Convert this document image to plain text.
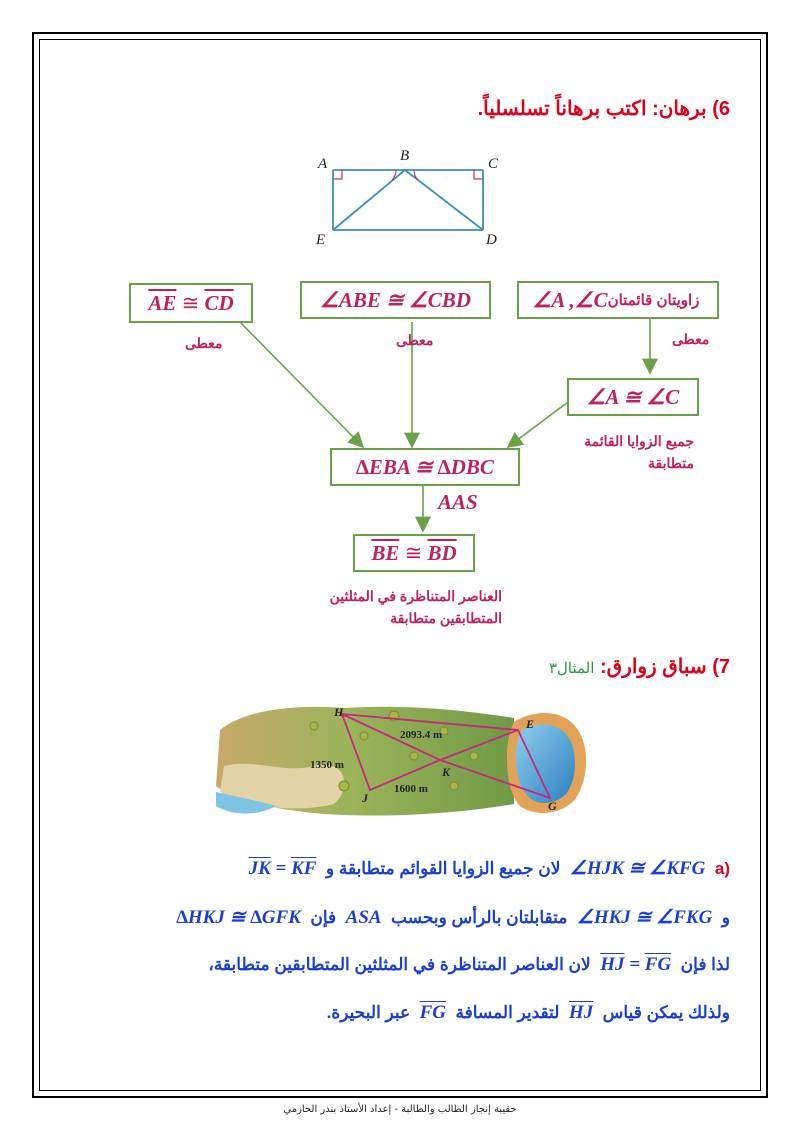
6) برهان: اكتب برهاناً تسلسلياً.
A	B	C
E	D
$\overline{AE}$
≅
$\overline{CD}$
معطى
∠ABE ≅ ∠CBD
معطى
زاويتان قائمتان
∠A ,∠C
معطى
∠A ≅ ∠C
جميع الزوايا القائمة
متطابقة
∆EBA ≅ ∆DBC
AAS
$\overline{BE}$
≅
$\overline{BD}$
العناصر المتناظرة في المثلثين
المتطابقين متطابقة
7) سباق زوارق: المثال٣
H
J
K
E
G
2093.4 m
1350 m
1600 m
(a  ∠HJK ≅ ∠KFG  لان جميع الزوايا القوائم متطابقة و  $\overline{JK} = \overline{KF}$
و  ∠HKJ ≅ ∠FKG  متقابلتان بالرأس وبحسب  ASA  فإن  ∆HKJ ≅ ∆GFK
لذا فإن  $\overline{HJ} = \overline{FG}$  لان العناصر المتناظرة في المثلثين المتطابقين متطابقة،
ولذلك يمكن قياس  $\overline{HJ}$  لتقدير المسافة  $\overline{FG}$  عبر البحيرة.
حقيبة إنجاز الطالب والطالبة - إعداد الأستاذ بندر الحازمي
